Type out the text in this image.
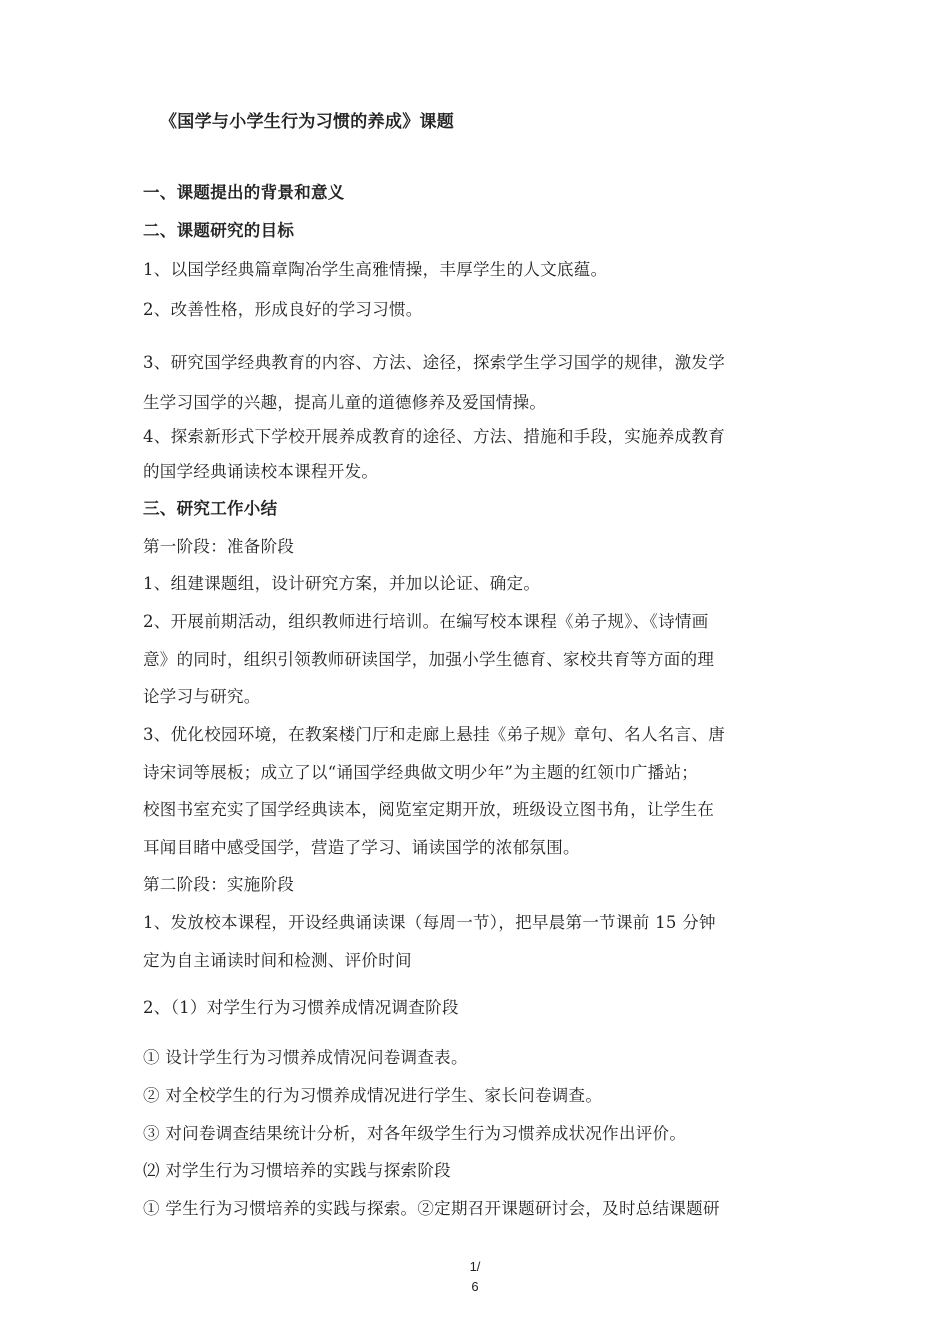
《国学与小学生行为习惯的养成》课题
一、课题提出的背景和意义
二、课题研究的目标
1、以国学经典篇章陶冶学生高雅情操，丰厚学生的人文底蕴。
2、改善性格，形成良好的学习习惯。
3、研究国学经典教育的内容、方法、途径，探索学生学习国学的规律，激发学
生学习国学的兴趣，提高儿童的道德修养及爱国情操。
4、探索新形式下学校开展养成教育的途径、方法、措施和手段，实施养成教育
的国学经典诵读校本课程开发。
三、研究工作小结
第一阶段：准备阶段
1、组建课题组，设计研究方案，并加以论证、确定。
2、开展前期活动，组织教师进行培训。在编写校本课程《弟子规》、《诗情画
意》的同时，组织引领教师研读国学，加强小学生德育、家校共育等方面的理
论学习与研究。
3、优化校园环境，在教案楼门厅和走廊上悬挂《弟子规》章句、名人名言、唐
诗宋词等展板；成立了以“诵国学经典做文明少年”为主题的红领巾广播站；
校图书室充实了国学经典读本，阅览室定期开放，班级设立图书角，让学生在
耳闻目睹中感受国学，营造了学习、诵读国学的浓郁氛围。
第二阶段：实施阶段
1、发放校本课程，开设经典诵读课（每周一节），把早晨第一节课前 15 分钟
定为自主诵读时间和检测、评价时间
2、（1）对学生行为习惯养成情况调查阶段
① 设计学生行为习惯养成情况问卷调查表。
② 对全校学生的行为习惯养成情况进行学生、家长问卷调查。
③ 对问卷调查结果统计分析，对各年级学生行为习惯养成状况作出评价。
⑵ 对学生行为习惯培养的实践与探索阶段
① 学生行为习惯培养的实践与探索。②定期召开课题研讨会，及时总结课题研
1/
6
